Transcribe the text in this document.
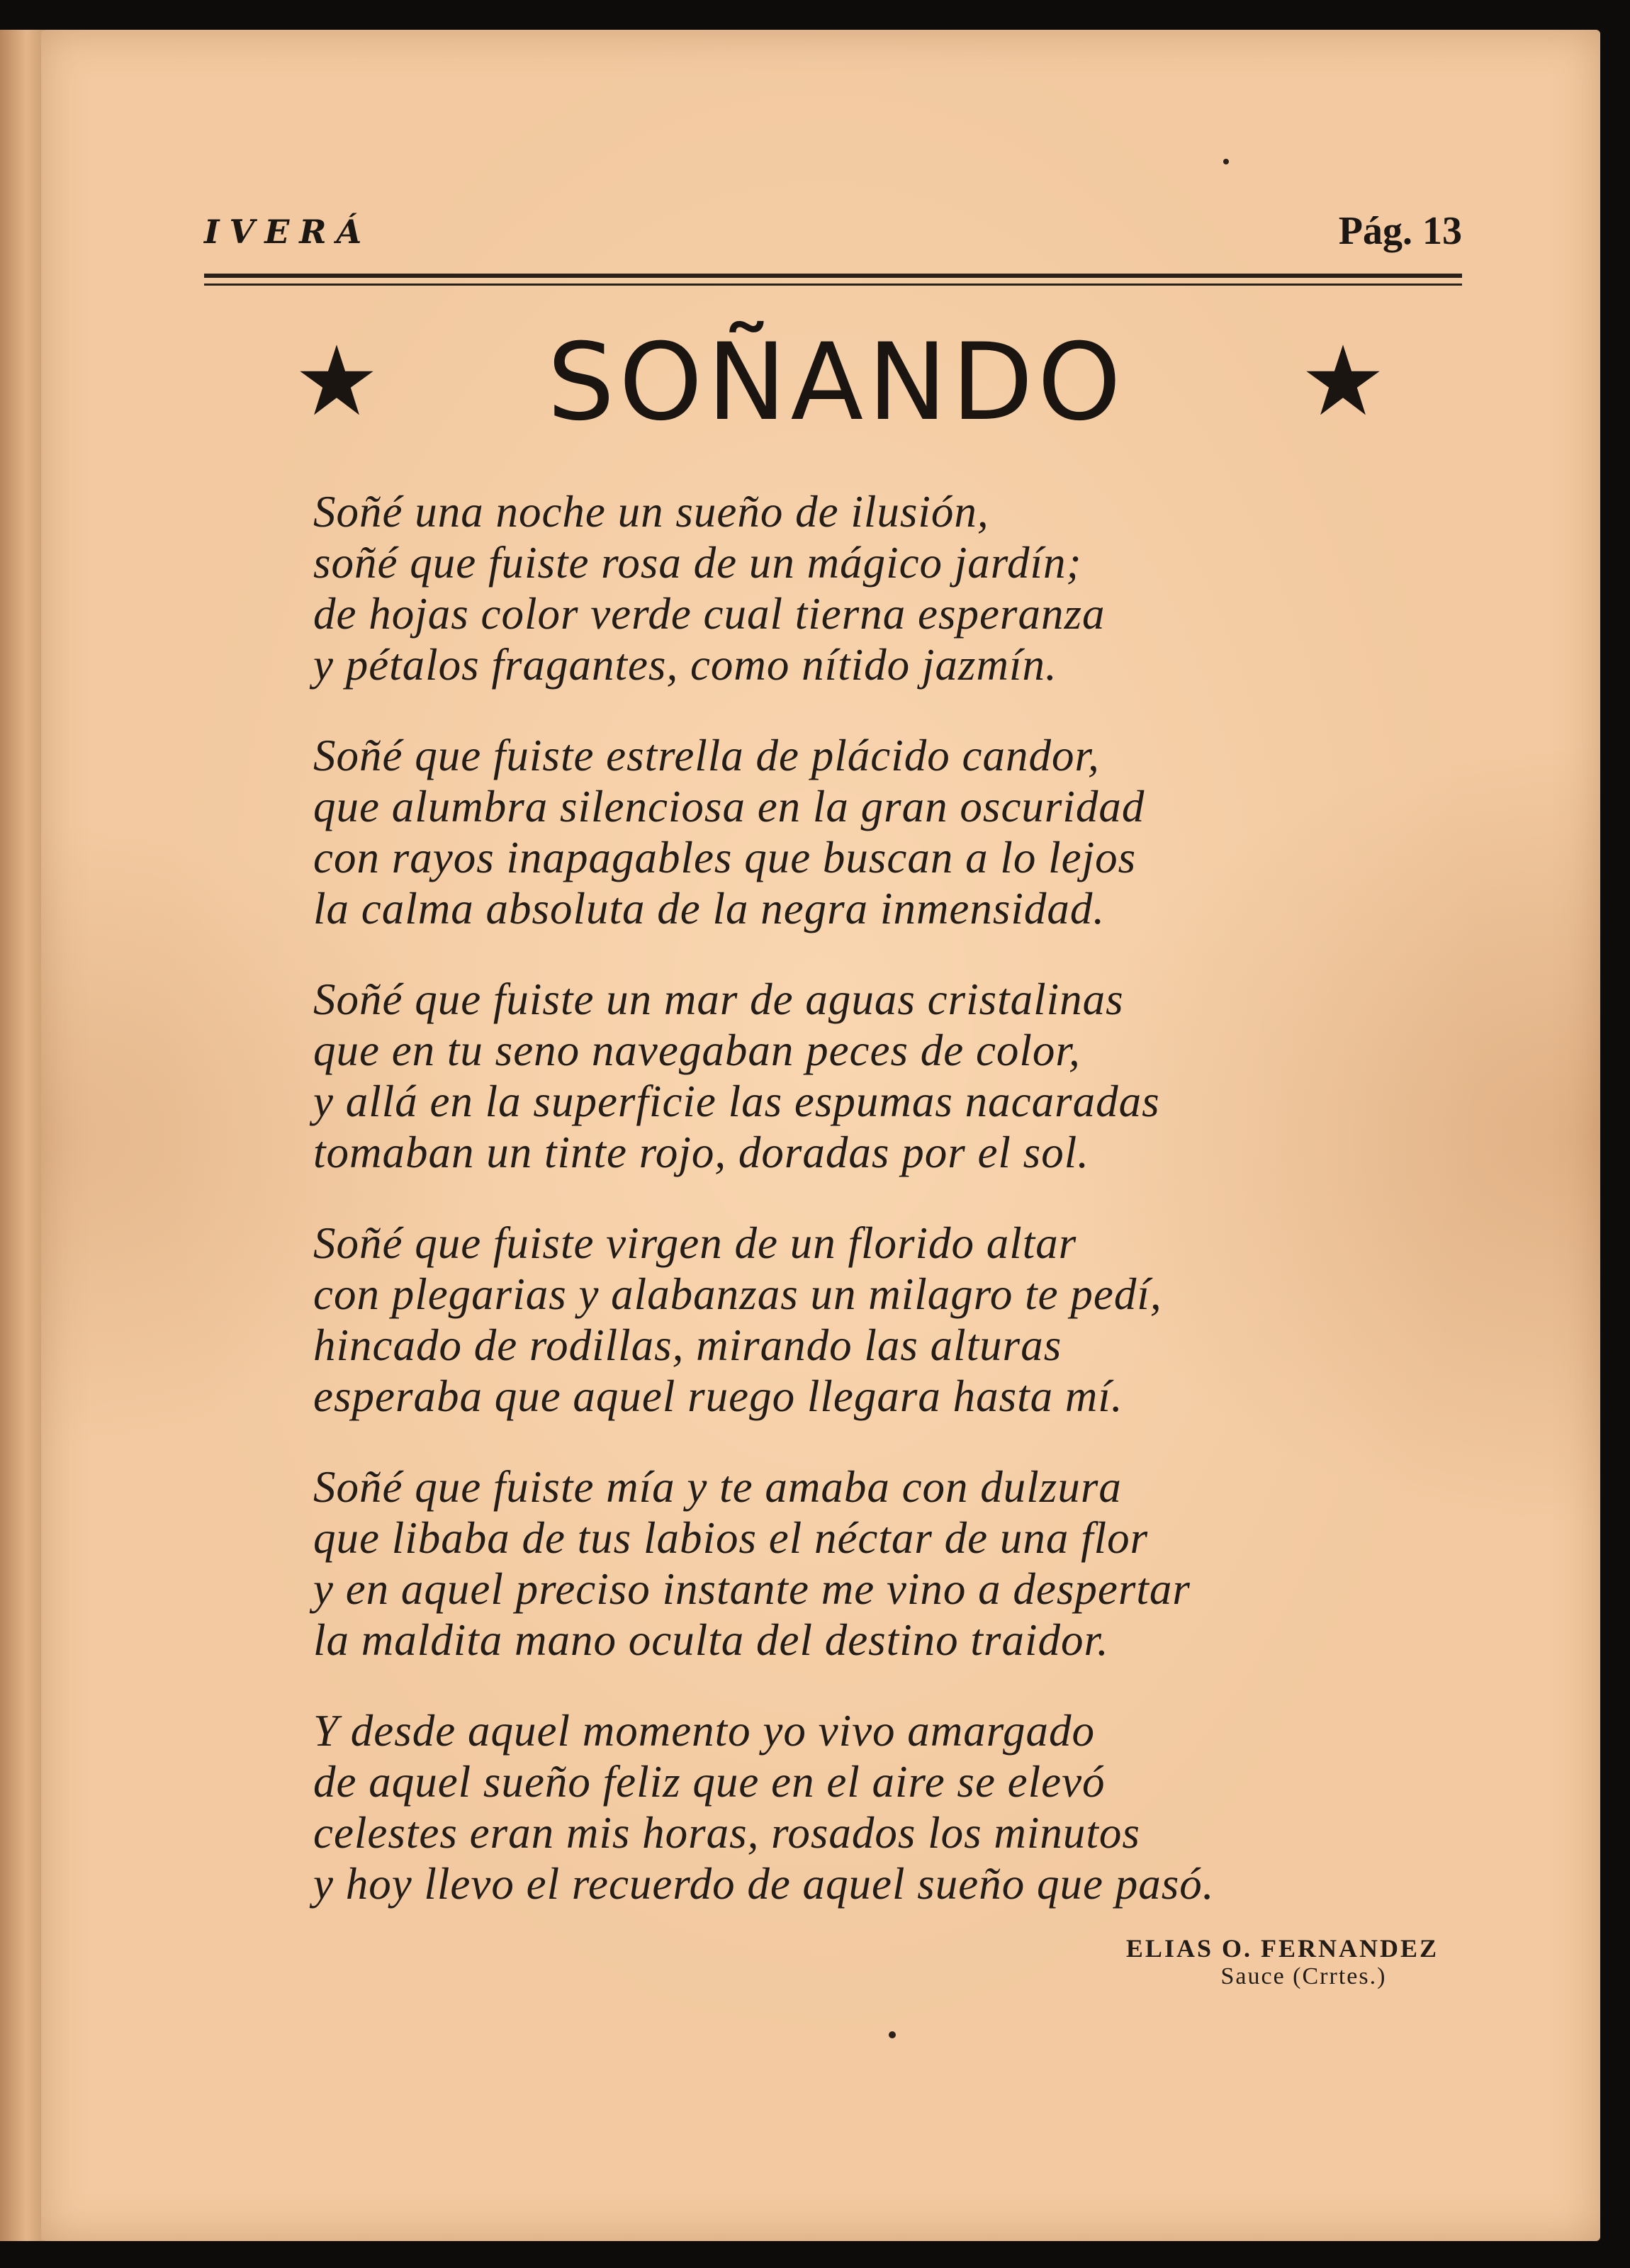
IVERÁ	Pág. 13
SOÑANDO
Soñé una noche un sueño de ilusión,
soñé que fuiste rosa de un mágico jardín;
de hojas color verde cual tierna esperanza
y pétalos fragantes, como nítido jazmín.
Soñé que fuiste estrella de plácido candor,
que alumbra silenciosa en la gran oscuridad
con rayos inapagables que buscan a lo lejos
la calma absoluta de la negra inmensidad.
Soñé que fuiste un mar de aguas cristalinas
que en tu seno navegaban peces de color,
y allá en la superficie las espumas nacaradas
tomaban un tinte rojo, doradas por el sol.
Soñé que fuiste virgen de un florido altar
con plegarias y alabanzas un milagro te pedí,
hincado de rodillas, mirando las alturas
esperaba que aquel ruego llegara hasta mí.
Soñé que fuiste mía y te amaba con dulzura
que libaba de tus labios el néctar de una flor
y en aquel preciso instante me vino a despertar
la maldita mano oculta del destino traidor.
Y desde aquel momento yo vivo amargado
de aquel sueño feliz que en el aire se elevó
celestes eran mis horas, rosados los minutos
y hoy llevo el recuerdo de aquel sueño que pasó.
ELIAS O. FERNANDEZ
Sauce (Crrtes.)
